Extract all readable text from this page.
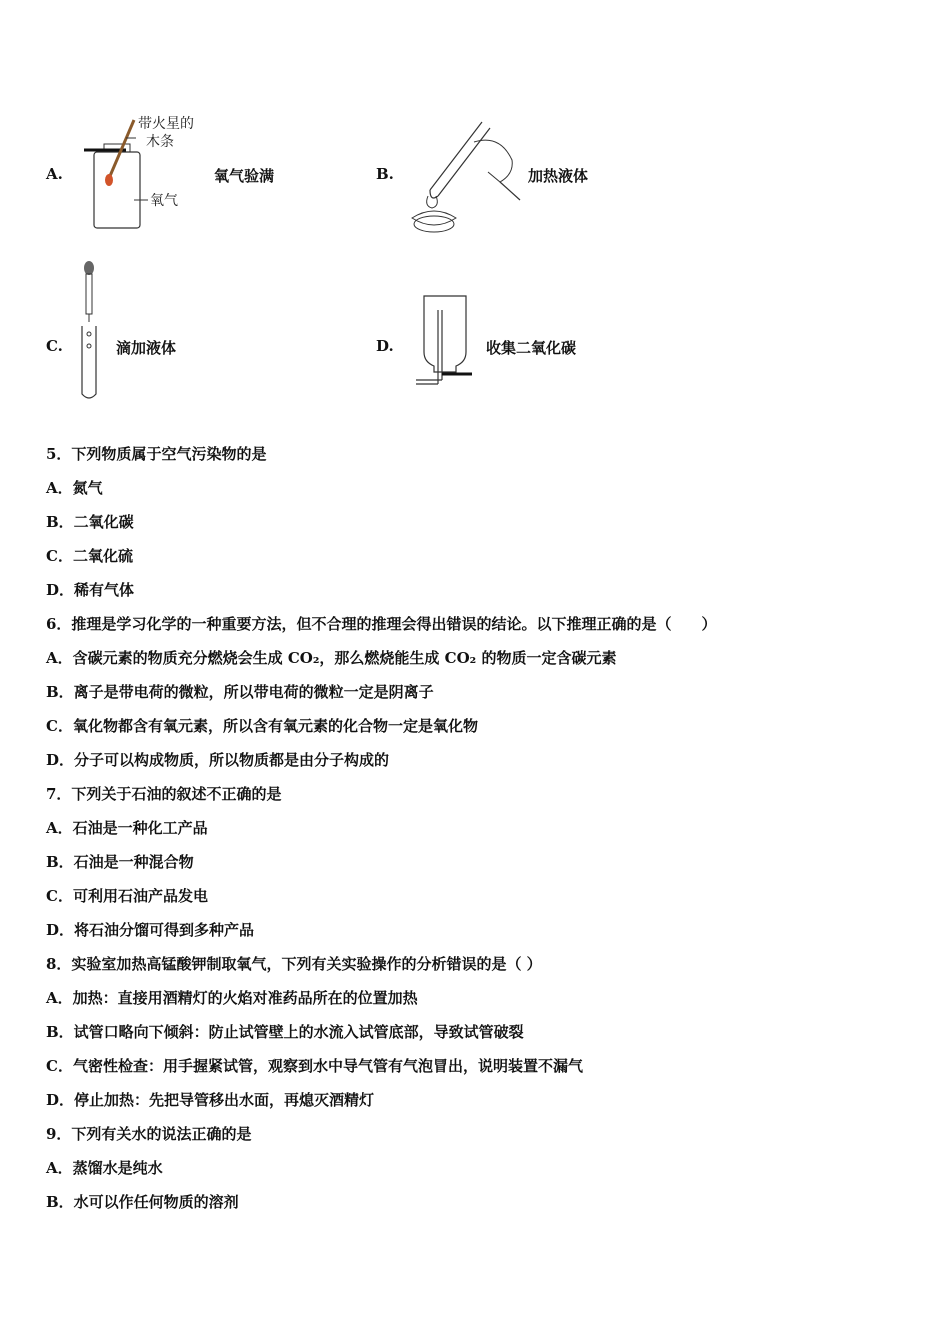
A.
带火星的
木条
氧气
氧气验满	B.	加热液体
C.	滴加液体	D.	收集二氧化碳
5．下列物质属于空气污染物的是
A．氮气
B．二氧化碳
C．二氧化硫
D．稀有气体
6．推理是学习化学的一种重要方法，但不合理的推理会得出错误的结论。以下推理正确的是（　　）
A．含碳元素的物质充分燃烧会生成 CO₂，那么燃烧能生成 CO₂ 的物质一定含碳元素
B．离子是带电荷的微粒，所以带电荷的微粒一定是阴离子
C．氧化物都含有氧元素，所以含有氧元素的化合物一定是氧化物
D．分子可以构成物质，所以物质都是由分子构成的
7．下列关于石油的叙述不正确的是
A．石油是一种化工产品
B．石油是一种混合物
C．可利用石油产品发电
D．将石油分馏可得到多种产品
8．实验室加热高锰酸钾制取氧气，下列有关实验操作的分析错误的是（ ）
A．加热：直接用酒精灯的火焰对准药品所在的位置加热
B．试管口略向下倾斜：防止试管壁上的水流入试管底部，导致试管破裂
C．气密性检查：用手握紧试管，观察到水中导气管有气泡冒出，说明装置不漏气
D．停止加热：先把导管移出水面，再熄灭酒精灯
9．下列有关水的说法正确的是
A．蒸馏水是纯水
B．水可以作任何物质的溶剂
